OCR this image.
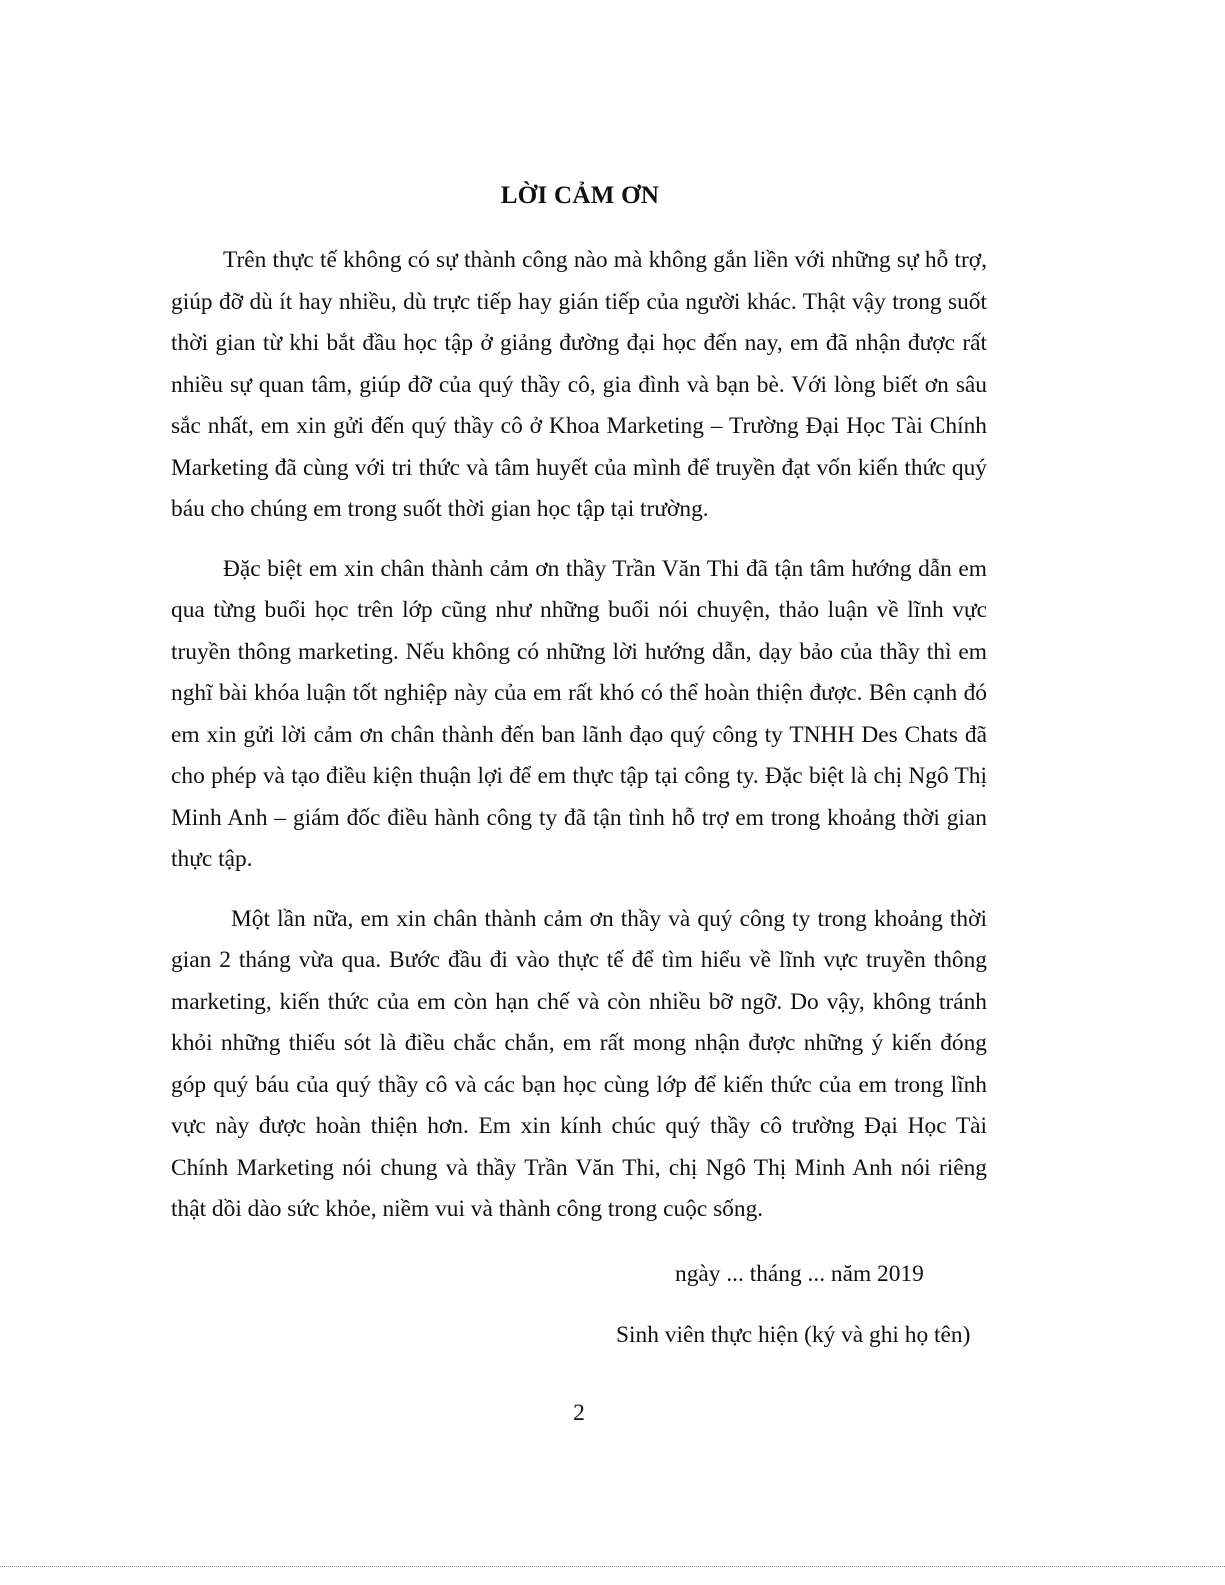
LỜI CẢM ƠN

Trên thực tế không có sự thành công nào mà không gắn liền với những sự hỗ trợ, giúp đỡ dù ít hay nhiều, dù trực tiếp hay gián tiếp của người khác. Thật vậy trong suốt thời gian từ khi bắt đầu học tập ở giảng đường đại học đến nay, em đã nhận được rất nhiều sự quan tâm, giúp đỡ của quý thầy cô, gia đình và bạn bè. Với lòng biết ơn sâu sắc nhất, em xin gửi đến quý thầy cô ở Khoa Marketing – Trường Đại Học Tài Chính Marketing đã cùng với tri thức và tâm huyết của mình để truyền đạt vốn kiến thức quý báu cho chúng em trong suốt thời gian học tập tại trường.

Đặc biệt em xin chân thành cảm ơn thầy Trần Văn Thi đã tận tâm hướng dẫn em qua từng buổi học trên lớp cũng như những buổi nói chuyện, thảo luận về lĩnh vực truyền thông marketing. Nếu không có những lời hướng dẫn, dạy bảo của thầy thì em nghĩ bài khóa luận tốt nghiệp này của em rất khó có thể hoàn thiện được. Bên cạnh đó em xin gửi lời cảm ơn chân thành đến ban lãnh đạo quý công ty TNHH Des Chats đã cho phép và tạo điều kiện thuận lợi để em thực tập tại công ty. Đặc biệt là chị Ngô Thị Minh Anh – giám đốc điều hành công ty đã tận tình hỗ trợ em trong khoảng thời gian thực tập.

Một lần nữa, em xin chân thành cảm ơn thầy và quý công ty trong khoảng thời gian 2 tháng vừa qua. Bước đầu đi vào thực tế để tìm hiểu về lĩnh vực truyền thông marketing, kiến thức của em còn hạn chế và còn nhiều bỡ ngỡ. Do vậy, không tránh khỏi những thiếu sót là điều chắc chắn, em rất mong nhận được những ý kiến đóng góp quý báu của quý thầy cô và các bạn học cùng lớp để kiến thức của em trong lĩnh vực này được hoàn thiện hơn. Em xin kính chúc quý thầy cô trường Đại Học Tài Chính Marketing nói chung và thầy Trần Văn Thi, chị Ngô Thị Minh Anh nói riêng thật dồi dào sức khỏe, niềm vui và thành công trong cuộc sống.

ngày ... tháng ... năm 2019
Sinh viên thực hiện (ký và ghi họ tên)
2
